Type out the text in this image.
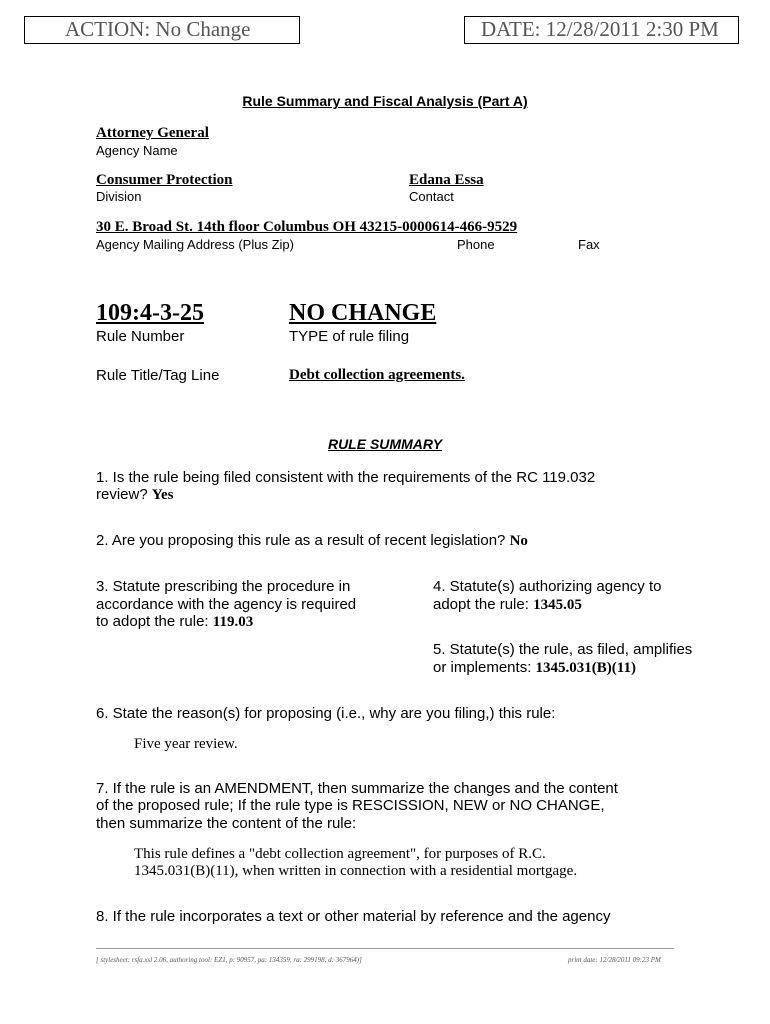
ACTION: No Change	DATE: 12/28/2011 2:30 PM
Rule Summary and Fiscal Analysis (Part A)
Attorney General
Agency Name
Consumer Protection
Division
Edana Essa
Contact
30 E. Broad St. 14th floor Columbus OH 43215-0000614-466-9529
Agency Mailing Address (Plus Zip)	Phone	Fax
109:4-3-25
Rule Number
NO CHANGE
TYPE of rule filing
Rule Title/Tag Line	Debt collection agreements.
RULE SUMMARY
1. Is the rule being filed consistent with the requirements of the RC 119.032
review? Yes
2. Are you proposing this rule as a result of recent legislation? No
3. Statute prescribing the procedure in
accordance with the agency is required
to adopt the rule: 119.03
4. Statute(s) authorizing agency to
adopt the rule: 1345.05
5. Statute(s) the rule, as filed, amplifies
or implements: 1345.031(B)(11)
6. State the reason(s) for proposing (i.e., why are you filing,) this rule:
Five year review.
7. If the rule is an AMENDMENT, then summarize the changes and the content
of the proposed rule; If the rule type is RESCISSION, NEW or NO CHANGE,
then summarize the content of the rule:
This rule defines a "debt collection agreement", for purposes of R.C.
1345.031(B)(11), when written in connection with a residential mortgage.
8. If the rule incorporates a text or other material by reference and the agency
[ stylesheet: rsfa.xsl 2.06, authoring tool: EZ1, p: 90957, pa: 134359, ra: 299198, d: 367964)]	print date: 12/28/2011 09:23 PM
